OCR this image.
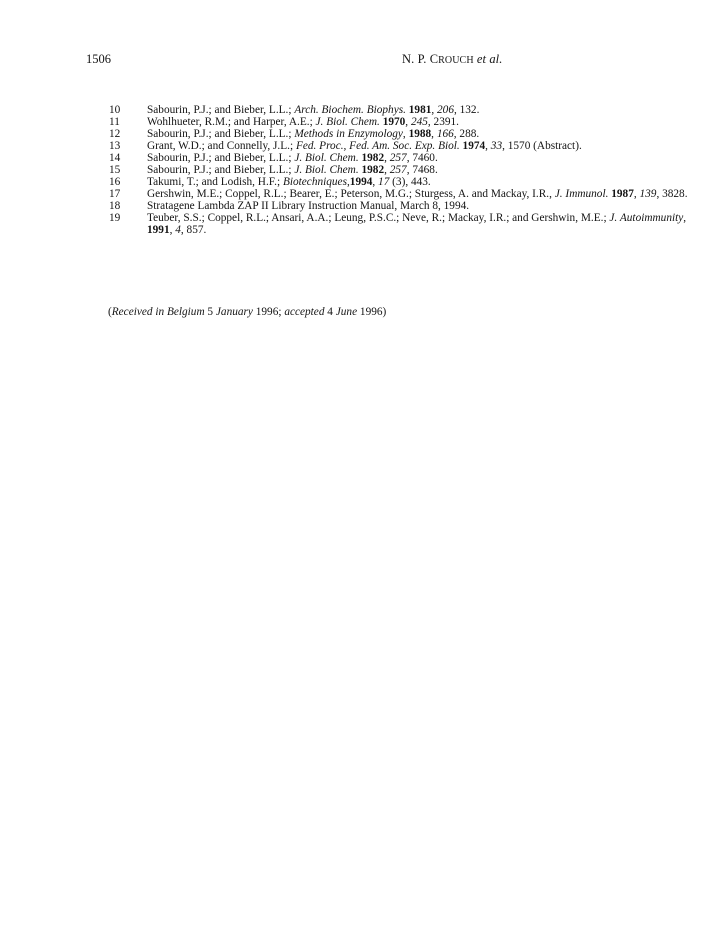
1506	N. P. CROUCH et al.
10	Sabourin, P.J.; and Bieber, L.L.; Arch. Biochem. Biophys. 1981, 206, 132.
11	Wohlhueter, R.M.; and Harper, A.E.; J. Biol. Chem. 1970, 245, 2391.
12	Sabourin, P.J.; and Bieber, L.L.; Methods in Enzymology, 1988, 166, 288.
13	Grant, W.D.; and Connelly, J.L.; Fed. Proc., Fed. Am. Soc. Exp. Biol. 1974, 33, 1570 (Abstract).
14	Sabourin, P.J.; and Bieber, L.L.; J. Biol. Chem. 1982, 257, 7460.
15	Sabourin, P.J.; and Bieber, L.L.; J. Biol. Chem. 1982, 257, 7468.
16	Takumi, T.; and Lodish, H.F.; Biotechniques,1994, 17 (3), 443.
17	Gershwin, M.E.; Coppel, R.L.; Bearer, E.; Peterson, M.G.; Sturgess, A. and Mackay, I.R., J. Immunol. 1987, 139, 3828.
18	Stratagene Lambda ZAP II Library Instruction Manual, March 8, 1994.
19	Teuber, S.S.; Coppel, R.L.; Ansari, A.A.; Leung, P.S.C.; Neve, R.; Mackay, I.R.; and Gershwin, M.E.; J. Autoimmunity, 1991, 4, 857.
(Received in Belgium 5 January 1996; accepted 4 June 1996)
